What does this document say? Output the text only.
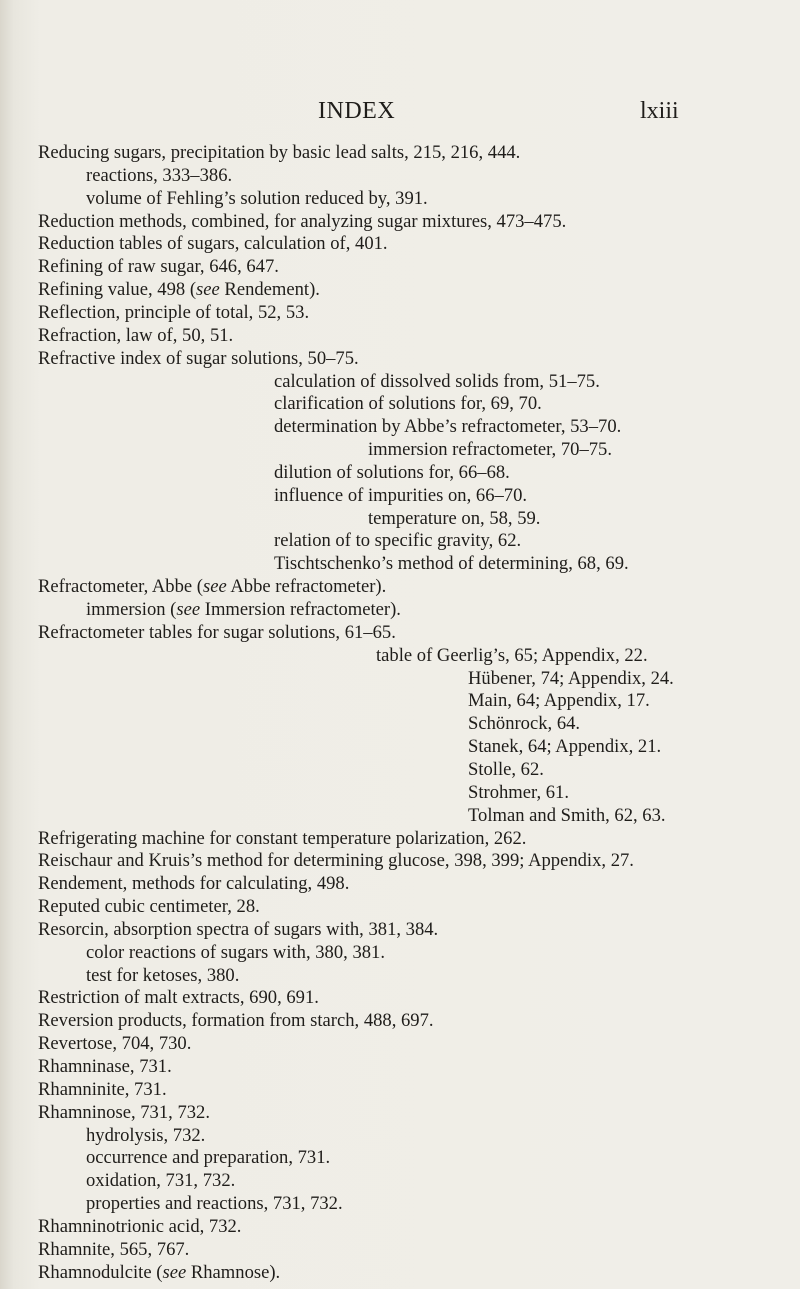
INDEX	lxiii
Reducing sugars, precipitation by basic lead salts, 215, 216, 444.
reactions, 333–386.
volume of Fehling’s solution reduced by, 391.
Reduction methods, combined, for analyzing sugar mixtures, 473–475.
Reduction tables of sugars, calculation of, 401.
Refining of raw sugar, 646, 647.
Refining value, 498 (see Rendement).
Reflection, principle of total, 52, 53.
Refraction, law of, 50, 51.
Refractive index of sugar solutions, 50–75.
calculation of dissolved solids from, 51–75.
clarification of solutions for, 69, 70.
determination by Abbe’s refractometer, 53–70.
immersion refractometer, 70–75.
dilution of solutions for, 66–68.
influence of impurities on, 66–70.
temperature on, 58, 59.
relation of to specific gravity, 62.
Tischtschenko’s method of determining, 68, 69.
Refractometer, Abbe (see Abbe refractometer).
immersion (see Immersion refractometer).
Refractometer tables for sugar solutions, 61–65.
table of Geerlig’s, 65; Appendix, 22.
Hübener, 74; Appendix, 24.
Main, 64; Appendix, 17.
Schönrock, 64.
Stanek, 64; Appendix, 21.
Stolle, 62.
Strohmer, 61.
Tolman and Smith, 62, 63.
Refrigerating machine for constant temperature polarization, 262.
Reischaur and Kruis’s method for determining glucose, 398, 399; Appendix, 27.
Rendement, methods for calculating, 498.
Reputed cubic centimeter, 28.
Resorcin, absorption spectra of sugars with, 381, 384.
color reactions of sugars with, 380, 381.
test for ketoses, 380.
Restriction of malt extracts, 690, 691.
Reversion products, formation from starch, 488, 697.
Revertose, 704, 730.
Rhamninase, 731.
Rhamninite, 731.
Rhamninose, 731, 732.
hydrolysis, 732.
occurrence and preparation, 731.
oxidation, 731, 732.
properties and reactions, 731, 732.
Rhamninotrionic acid, 732.
Rhamnite, 565, 767.
Rhamnodulcite (see Rhamnose).
